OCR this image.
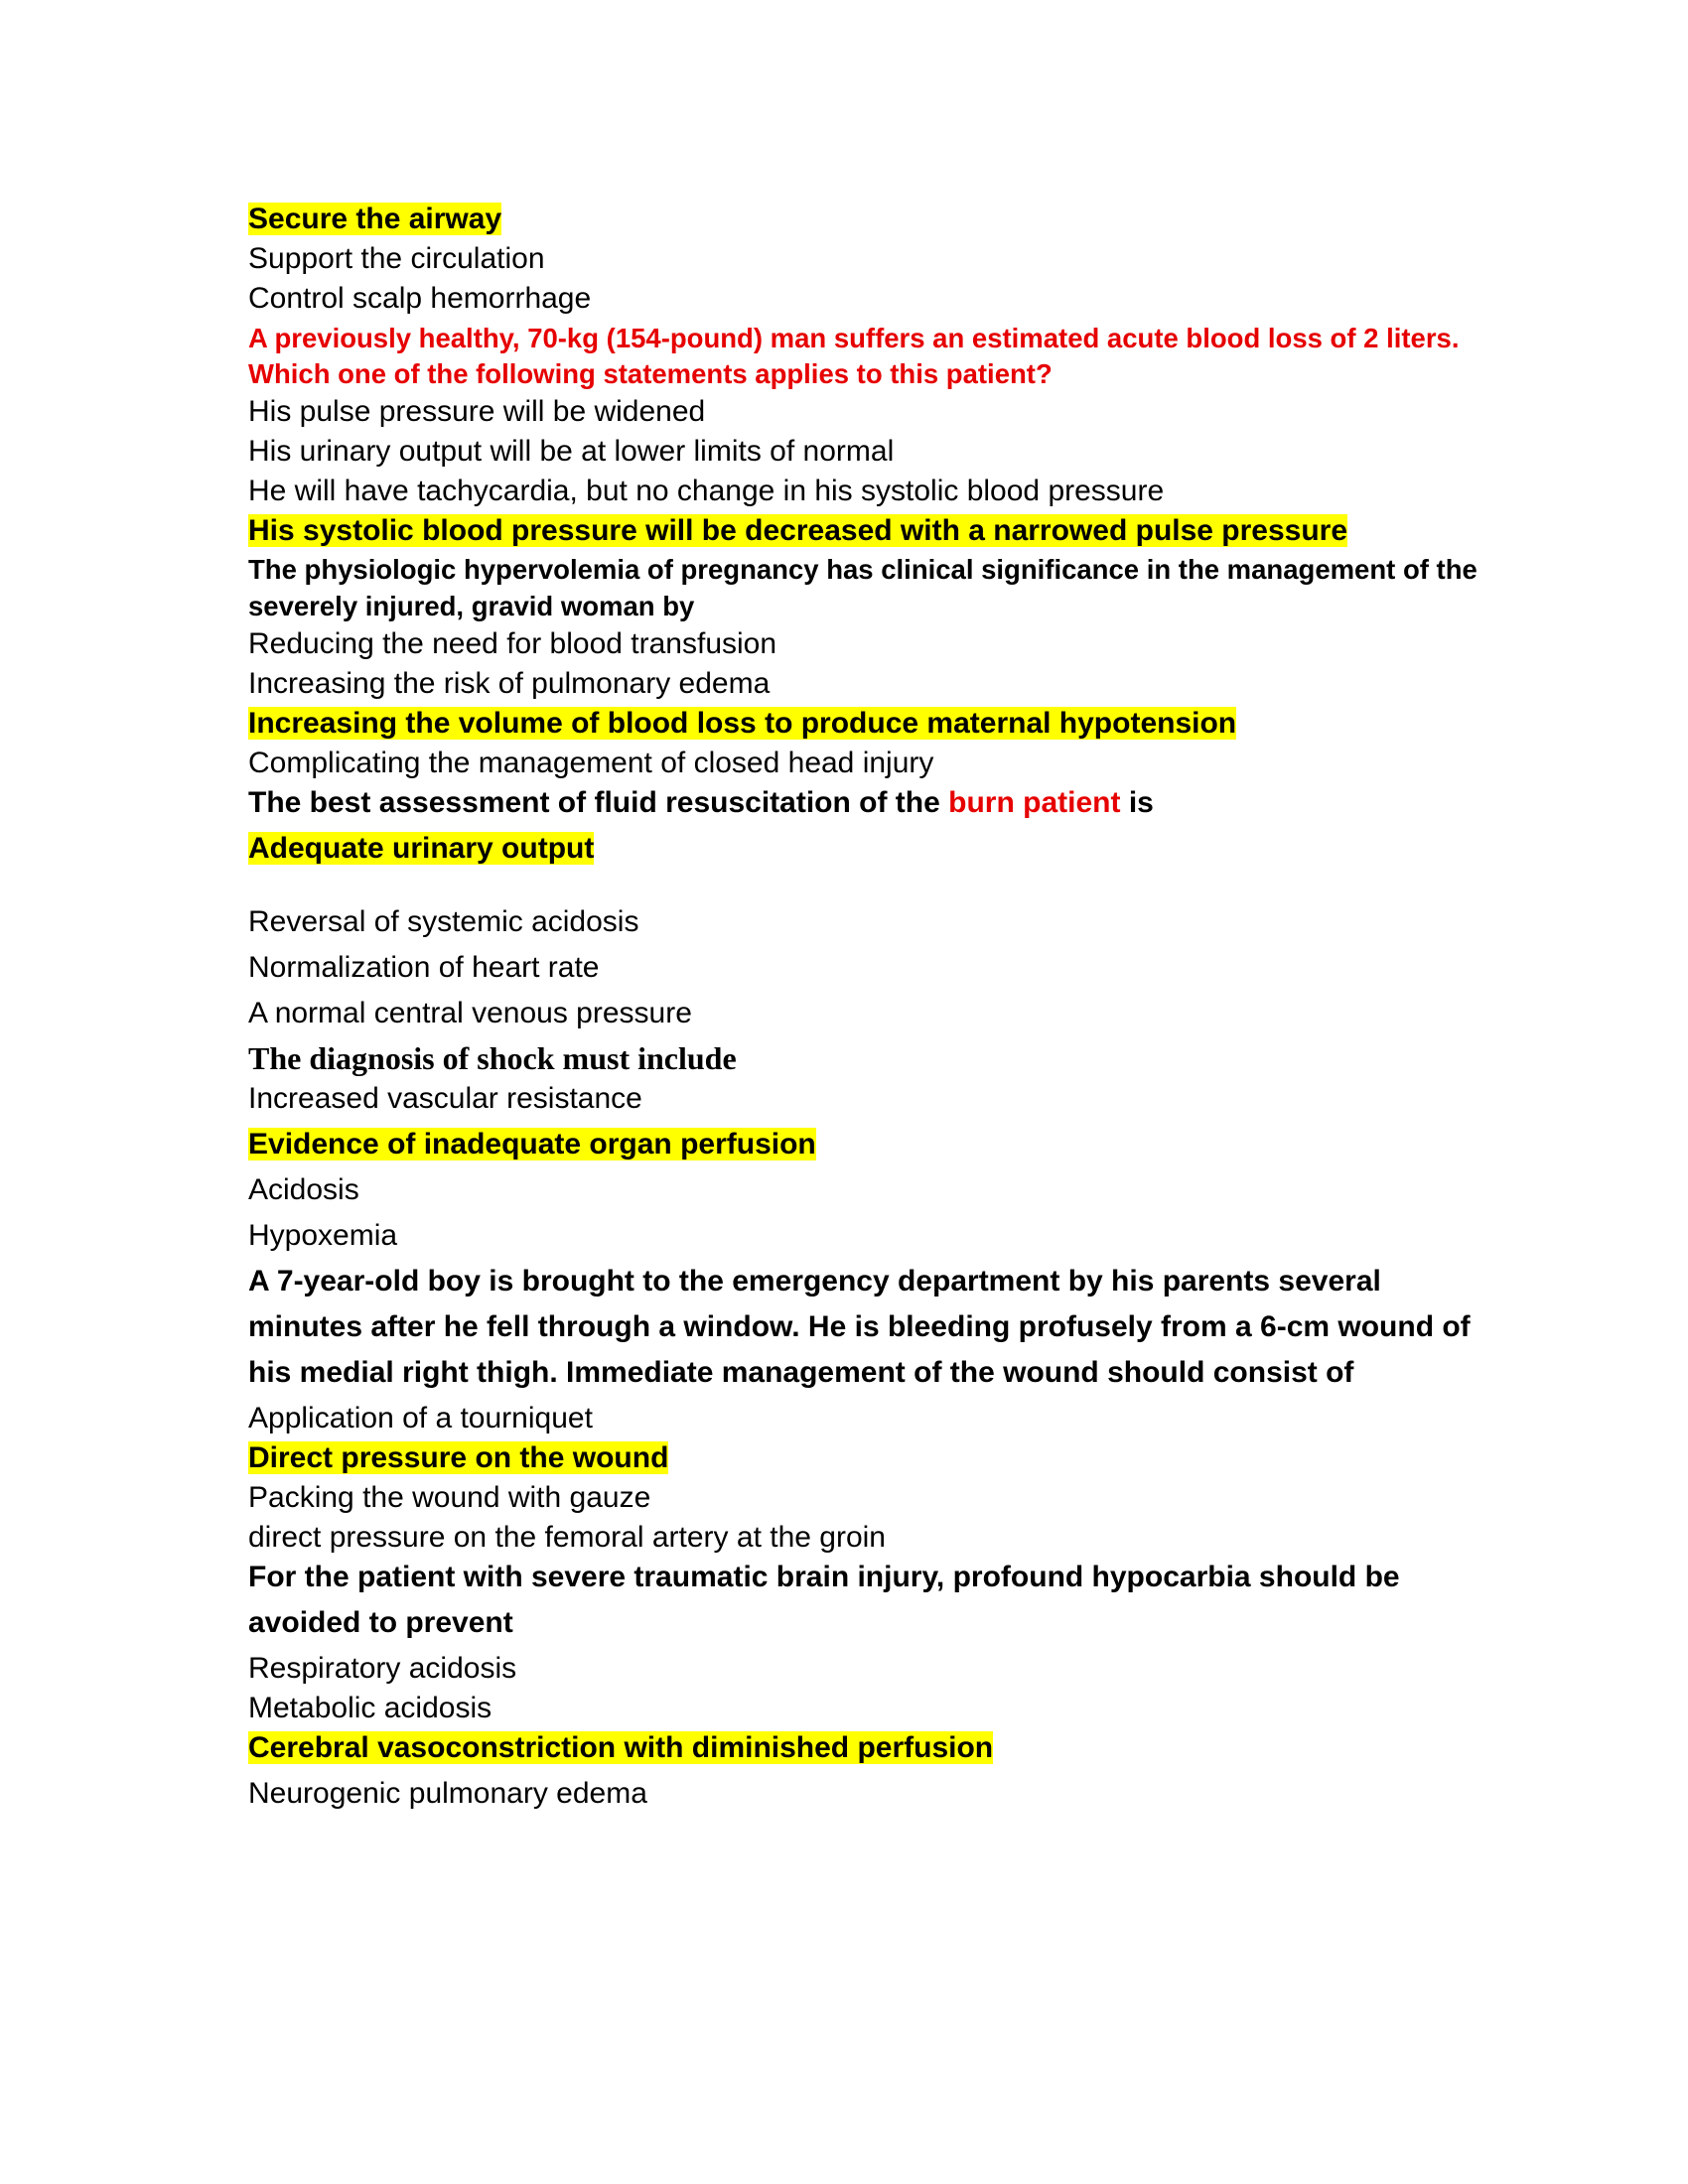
Secure the airway
Support the circulation
Control scalp hemorrhage
A previously healthy, 70-kg (154-pound) man suffers an estimated acute blood loss of 2 liters.
Which one of the following statements applies to this patient?
His pulse pressure will be widened
His urinary output will be at lower limits of normal
He will have tachycardia, but no change in his systolic blood pressure
His systolic blood pressure will be decreased with a narrowed pulse pressure
The physiologic hypervolemia of pregnancy has clinical significance in the management of the
severely injured, gravid woman by
Reducing the need for blood transfusion
Increasing the risk of pulmonary edema
Increasing the volume of blood loss to produce maternal hypotension
Complicating the management of closed head injury
The best assessment of fluid resuscitation of the burn patient is
Adequate urinary output
Reversal of systemic acidosis
Normalization of heart rate
A normal central venous pressure
The diagnosis of shock must include
Increased vascular resistance
Evidence of inadequate organ perfusion
Acidosis
Hypoxemia
A 7-year-old boy is brought to the emergency department by his parents several
minutes after he fell through a window. He is bleeding profusely from a 6-cm wound of
his medial right thigh. Immediate management of the wound should consist of
Application of a tourniquet
Direct pressure on the wound
Packing the wound with gauze
direct pressure on the femoral artery at the groin
For the patient with severe traumatic brain injury, profound hypocarbia should be
avoided to prevent
Respiratory acidosis
Metabolic acidosis
Cerebral vasoconstriction with diminished perfusion
Neurogenic pulmonary edema
